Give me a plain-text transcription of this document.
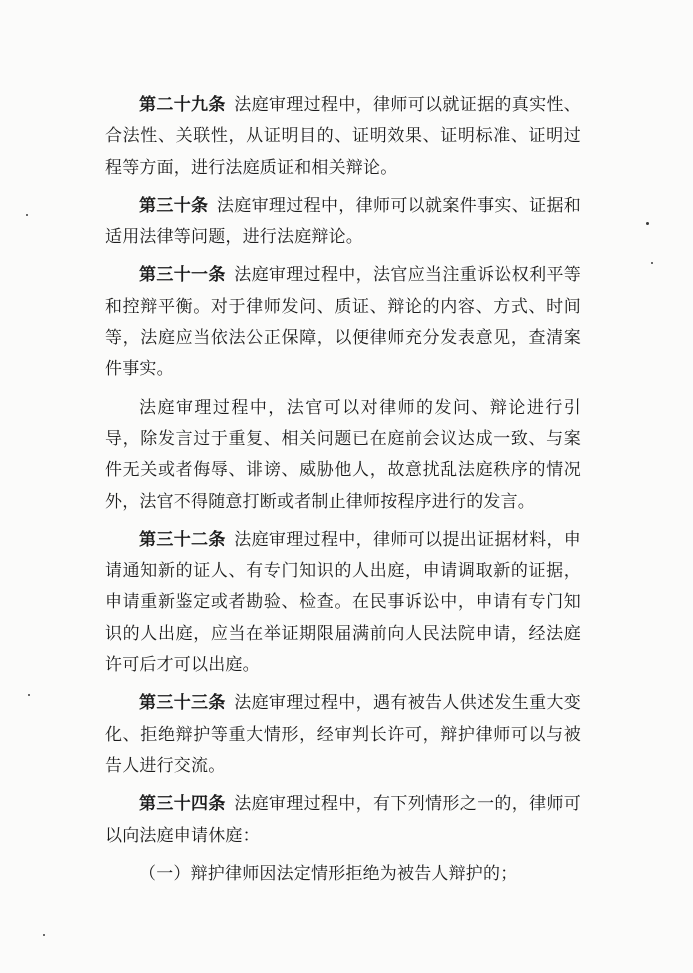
第二十九条 法庭审理过程中，律师可以就证据的真实性、合法性、关联性，从证明目的、证明效果、证明标准、证明过程等方面，进行法庭质证和相关辩论。

第三十条 法庭审理过程中，律师可以就案件事实、证据和适用法律等问题，进行法庭辩论。

第三十一条 法庭审理过程中，法官应当注重诉讼权利平等和控辩平衡。对于律师发问、质证、辩论的内容、方式、时间等，法庭应当依法公正保障，以便律师充分发表意见，查清案件事实。

法庭审理过程中，法官可以对律师的发问、辩论进行引导，除发言过于重复、相关问题已在庭前会议达成一致、与案件无关或者侮辱、诽谤、威胁他人，故意扰乱法庭秩序的情况外，法官不得随意打断或者制止律师按程序进行的发言。

第三十二条 法庭审理过程中，律师可以提出证据材料，申请通知新的证人、有专门知识的人出庭，申请调取新的证据，申请重新鉴定或者勘验、检查。在民事诉讼中，申请有专门知识的人出庭，应当在举证期限届满前向人民法院申请，经法庭许可后才可以出庭。

第三十三条 法庭审理过程中，遇有被告人供述发生重大变化、拒绝辩护等重大情形，经审判长许可，辩护律师可以与被告人进行交流。

第三十四条 法庭审理过程中，有下列情形之一的，律师可以向法庭申请休庭：

（一）辩护律师因法定情形拒绝为被告人辩护的；
